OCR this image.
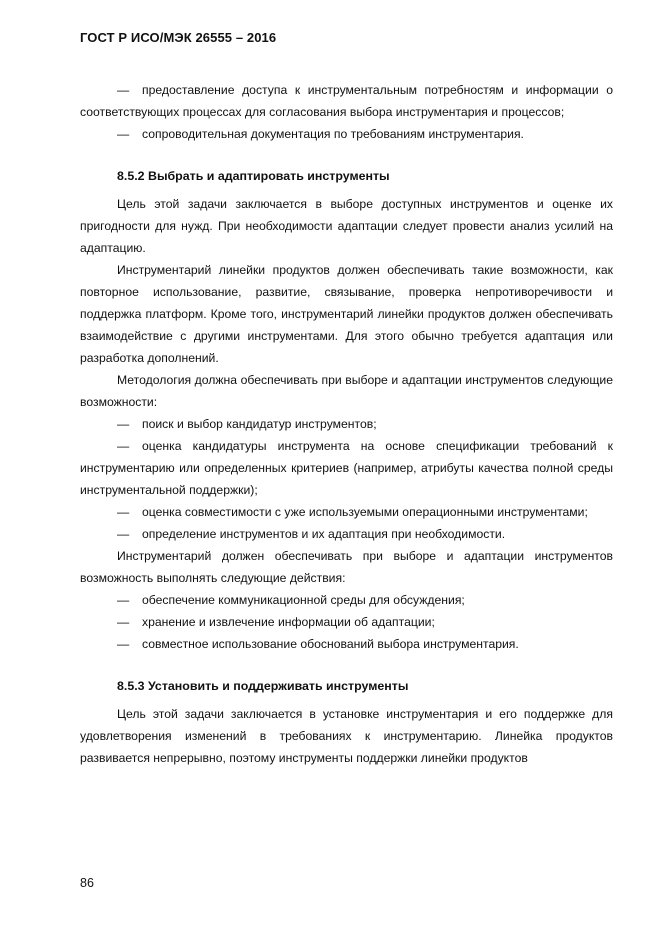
ГОСТ Р ИСО/МЭК 26555 – 2016

— предоставление доступа к инструментальным потребностям и информации о соответствующих процессах для согласования выбора инструментария и процессов;

— сопроводительная документация по требованиям инструментария.

8.5.2 Выбрать и адаптировать инструменты

Цель этой задачи заключается в выборе доступных инструментов и оценке их пригодности для нужд. При необходимости адаптации следует провести анализ усилий на адаптацию.

Инструментарий линейки продуктов должен обеспечивать такие возможности, как повторное использование, развитие, связывание, проверка непротиворечивости и поддержка платформ. Кроме того, инструментарий линейки продуктов должен обеспечивать взаимодействие с другими инструментами. Для этого обычно требуется адаптация или разработка дополнений.

Методология должна обеспечивать при выборе и адаптации инструментов следующие возможности:

— поиск и выбор кандидатур инструментов;

— оценка кандидатуры инструмента на основе спецификации требований к инструментарию или определенных критериев (например, атрибуты качества полной среды инструментальной поддержки);

— оценка совместимости с уже используемыми операционными инструментами;

— определение инструментов и их адаптация при необходимости.

Инструментарий должен обеспечивать при выборе и адаптации инструментов возможность выполнять следующие действия:

— обеспечение коммуникационной среды для обсуждения;

— хранение и извлечение информации об адаптации;

— совместное использование обоснований выбора инструментария.

8.5.3 Установить и поддерживать инструменты

Цель этой задачи заключается в установке инструментария и его поддержке для удовлетворения изменений в требованиях к инструментарию. Линейка продуктов развивается непрерывно, поэтому инструменты поддержки линейки продуктов

86
